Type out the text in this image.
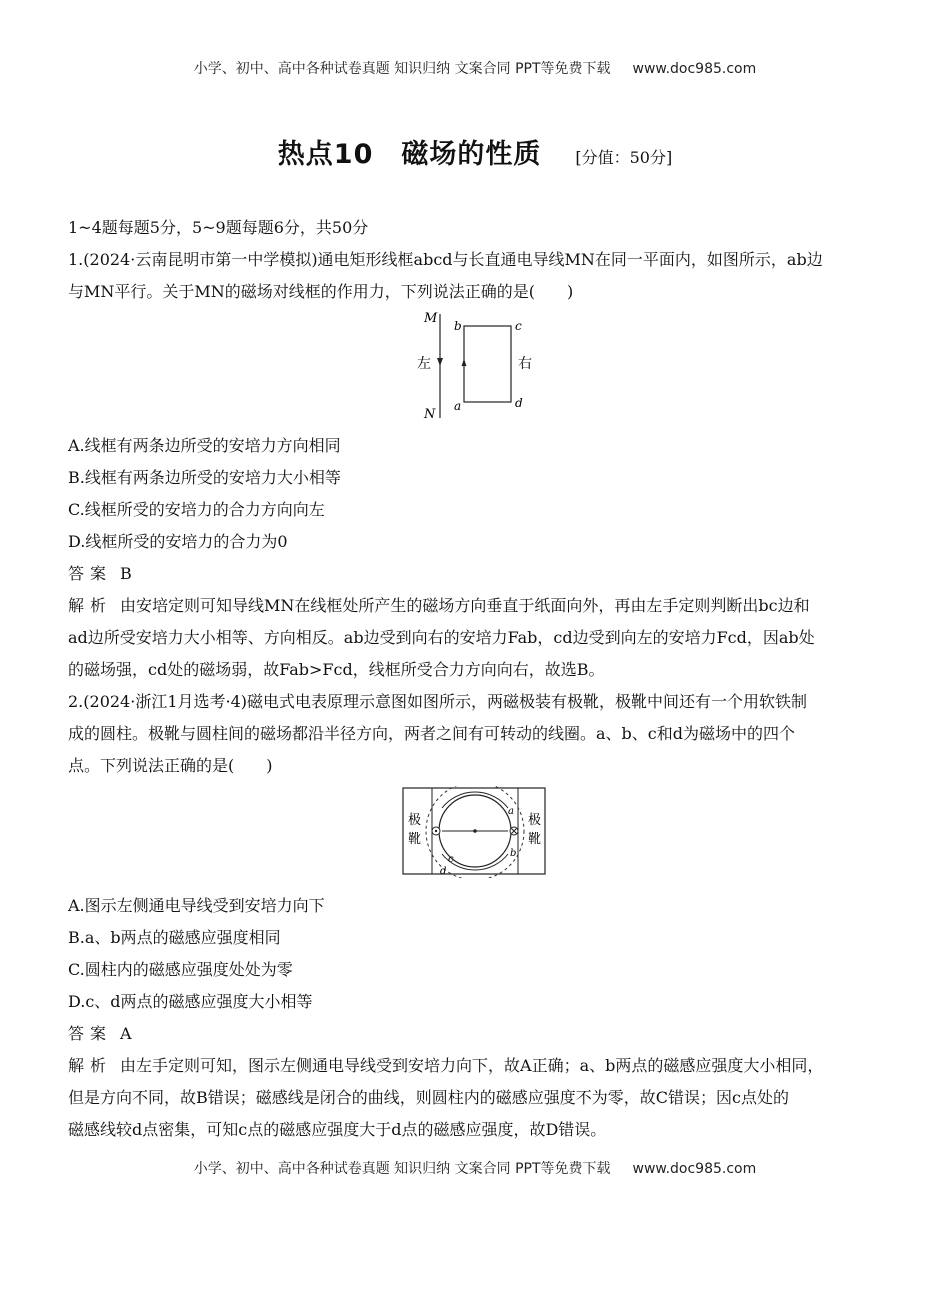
小学、初中、高中各种试卷真题 知识归纳 文案合同 PPT等免费下载 www.doc985.com
热点10　磁场的性质 [分值：50分]

1~4题每题5分，5~9题每题6分，共50分

1.(2024·云南昆明市第一中学模拟)通电矩形线框abcd与长直通电导线MN在同一平面内，如图所示，ab边

与MN平行。关于MN的磁场对线框的作用力，下列说法正确的是(　　)

M
N
左	右
b	c
a	d

A.线框有两条边所受的安培力方向相同

B.线框有两条边所受的安培力大小相等

C.线框所受的安培力的合力方向向左

D.线框所受的安培力的合力为0

答案 B

解析 由安培定则可知导线MN在线框处所产生的磁场方向垂直于纸面向外，再由左手定则判断出bc边和

ad边所受安培力大小相等、方向相反。ab边受到向右的安培力Fab，cd边受到向左的安培力Fcd，因ab处

的磁场强，cd处的磁场弱，故Fab>Fcd，线框所受合力方向向右，故选B。

2.(2024·浙江1月选考·4)磁电式电表原理示意图如图所示，两磁极装有极靴，极靴中间还有一个用软铁制

成的圆柱。极靴与圆柱间的磁场都沿半径方向，两者之间有可转动的线圈。a、b、c和d为磁场中的四个

点。下列说法正确的是(　　)

极
靴
极
靴
a
b
c
d

A.图示左侧通电导线受到安培力向下

B.a、b两点的磁感应强度相同

C.圆柱内的磁感应强度处处为零

D.c、d两点的磁感应强度大小相等

答案 A

解析 由左手定则可知，图示左侧通电导线受到安培力向下，故A正确；a、b两点的磁感应强度大小相同，

但是方向不同，故B错误；磁感线是闭合的曲线，则圆柱内的磁感应强度不为零，故C错误；因c点处的

磁感线较d点密集，可知c点的磁感应强度大于d点的磁感应强度，故D错误。

小学、初中、高中各种试卷真题 知识归纳 文案合同 PPT等免费下载 www.doc985.com
